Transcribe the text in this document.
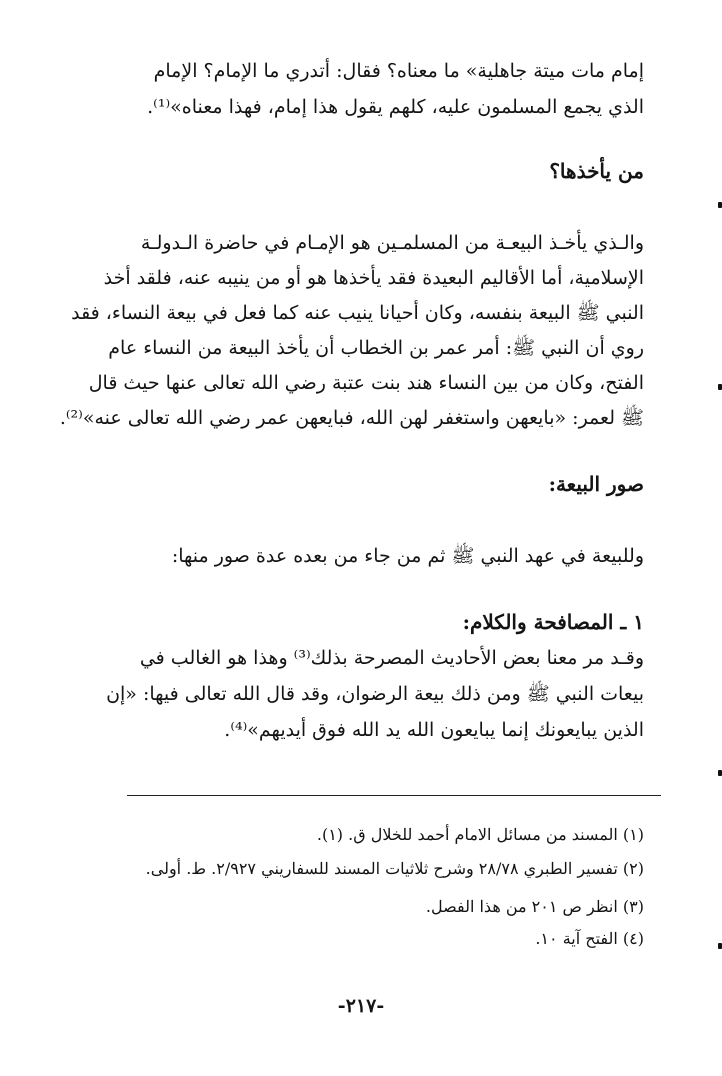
إمام مات ميتة جاهلية» ما معناه؟ فقال: أتدري ما الإمام؟ الإمام
الذي يجمع المسلمون عليه، كلهم يقول هذا إمام، فهذا معناه»⁽¹⁾.
من يأخذها؟
والـذي يأخـذ البيعـة من المسلمـين هو الإمـام في حاضرة الـدولـة
الإسلامية، أما الأقاليم البعيدة فقد يأخذها هو أو من ينيبه عنه، فلقد أخذ
النبي ﷺ البيعة بنفسه، وكان أحيانا ينيب عنه كما فعل في بيعة النساء، فقد
روي أن النبي ﷺ: أمر عمر بن الخطاب أن يأخذ البيعة من النساء عام
الفتح، وكان من بين النساء هند بنت عتبة رضي الله تعالى عنها حيث قال
ﷺ لعمر: «بايعهن واستغفر لهن الله، فبايعهن عمر رضي الله تعالى عنه»⁽²⁾.
صور البيعة:
وللبيعة في عهد النبي ﷺ ثم من جاء من بعده عدة صور منها:
١ ـ المصافحة والكلام:
وقـد مر معنا بعض الأحاديث المصرحة بذلك⁽³⁾ وهذا هو الغالب في
بيعات النبي ﷺ ومن ذلك بيعة الرضوان، وقد قال الله تعالى فيها: «إن
الذين يبايعونك إنما يبايعون الله يد الله فوق أيديهم»⁽⁴⁾.
(١) المسند من مسائل الامام أحمد للخلال ق. (١).
(٢) تفسير الطبري ٢٨/٧٨ وشرح ثلاثيات المسند للسفاريني ٢/٩٢٧. ط. أولى.
(٣) انظر ص ٢٠١ من هذا الفصل.
(٤) الفتح آية ١٠.
-٢١٧-
